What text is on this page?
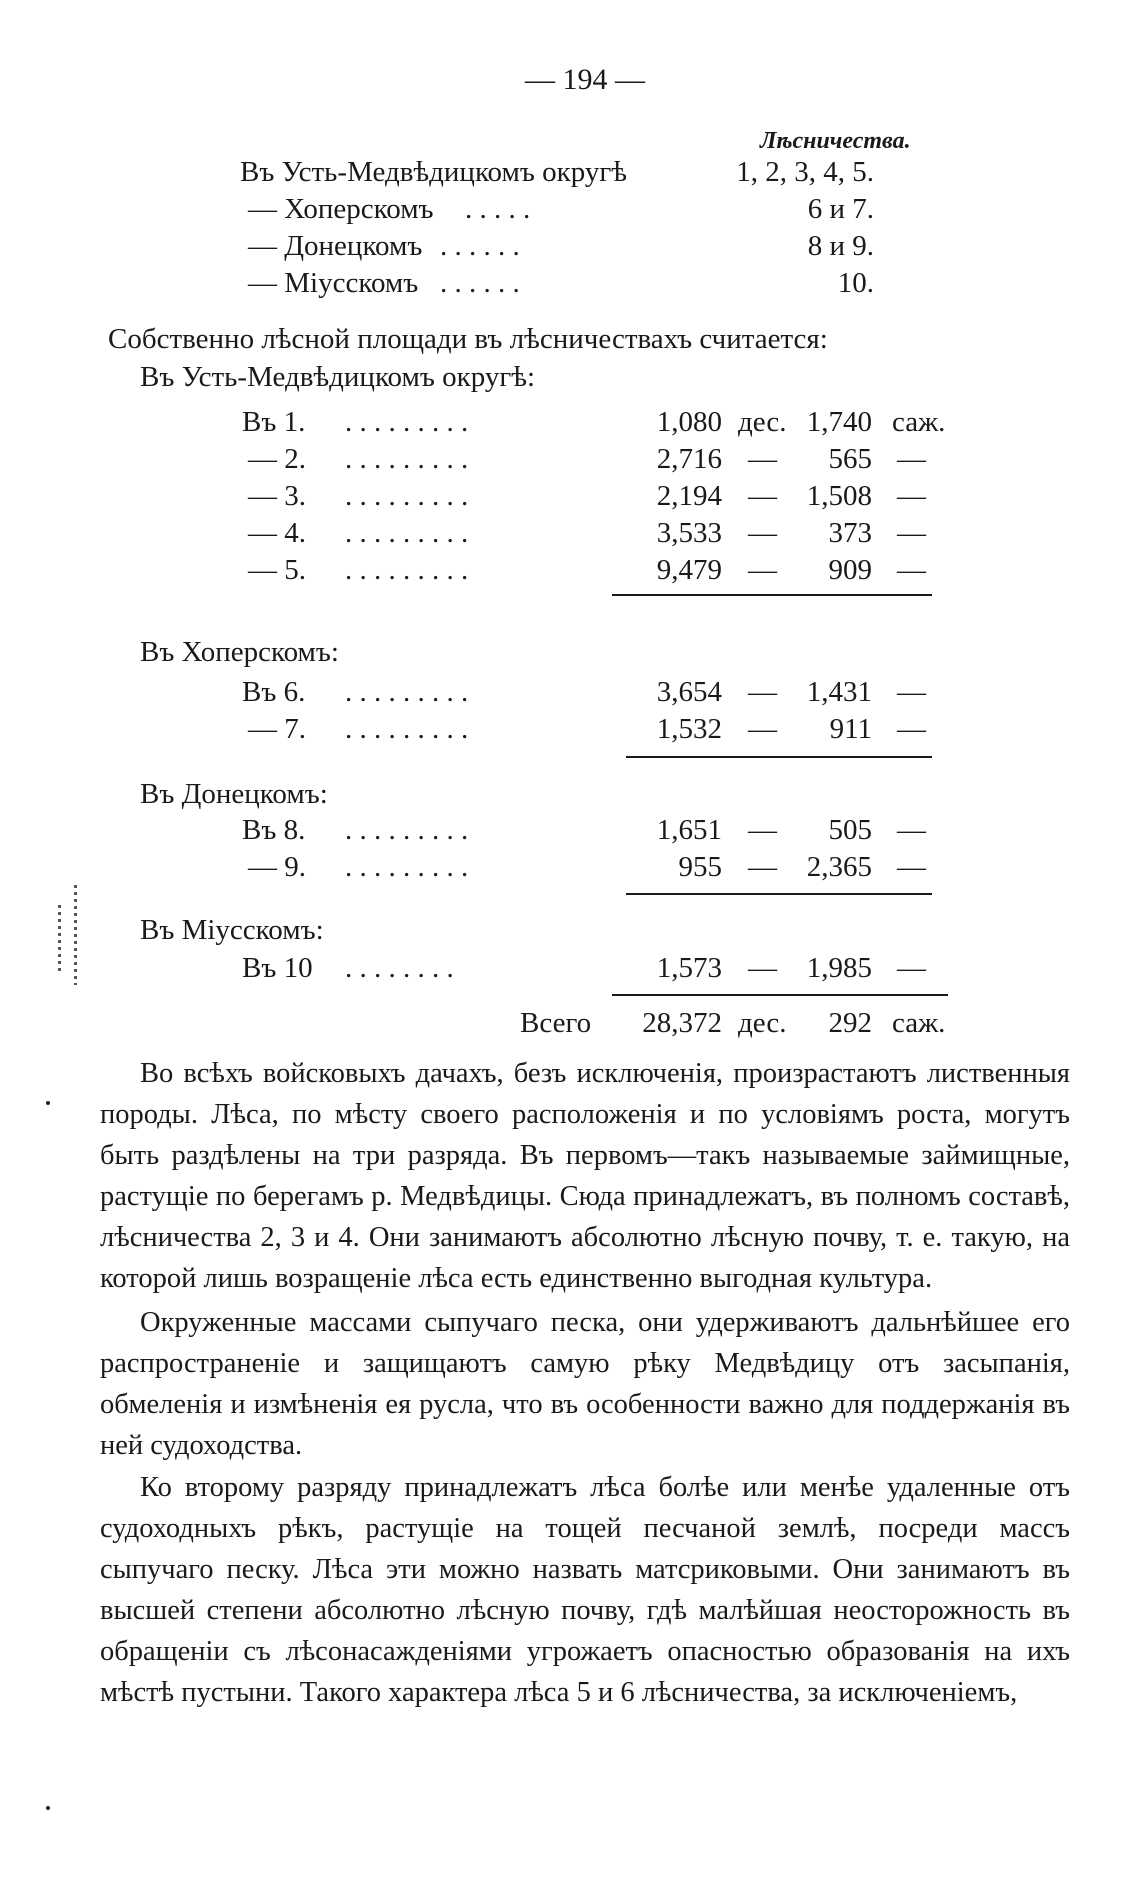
— 194 —
Лѣсничества.
Въ Усть-Медвѣдицкомъ округѣ	1, 2, 3, 4, 5.
— Хоперскомъ . . . . .	6 и 7.
— Донецкомъ . . . . . .	8 и 9.
— Міусскомъ . . . . . .	10.
Собственно лѣсной площади въ лѣсничествахъ считается:
Въ Усть-Медвѣдицкомъ округѣ:
Въ 1. . . . . . . . . .	1,080 дес. 1,740 саж.
— 2. . . . . . . . . .	2,716 — 565 —
— 3. . . . . . . . . .	2,194 — 1,508 —
— 4. . . . . . . . . .	3,533 — 373 —
— 5. . . . . . . . . .	9,479 — 909 —
Въ Хоперскомъ:
Въ 6. . . . . . . . . .	3,654 — 1,431 —
— 7. . . . . . . . . .	1,532 — 911 —
Въ Донецкомъ:
Въ 8. . . . . . . . . .	1,651 — 505 —
— 9. . . . . . . . . .	955 — 2,365 —
Въ Міусскомъ:
Въ 10 . . . . . . . .	1,573 — 1,985 —
Всего 28,372 дес. 292 саж.

Во всѣхъ войсковыхъ дачахъ, безъ исключенія, произрастаютъ лиственныя породы. Лѣса, по мѣсту своего расположенія и по условіямъ роста, могутъ быть раздѣлены на три разряда. Въ первомъ—такъ называемые займищные, растущіе по берегамъ р. Медвѣдицы. Сюда принадлежатъ, въ полномъ составѣ, лѣсничества 2, 3 и 4. Они занимаютъ абсолютно лѣсную почву, т. е. такую, на которой лишь возращеніе лѣса есть единственно выгодная культура.

Окруженные массами сыпучаго песка, они удерживаютъ дальнѣйшее его распространеніе и защищаютъ самую рѣку Медвѣдицу отъ засыпанія, обмеленія и измѣненія ея русла, что въ особенности важно для поддержанія въ ней судоходства.

Ко второму разряду принадлежатъ лѣса болѣе или менѣе удаленные отъ судоходныхъ рѣкъ, растущіе на тощей песчаной землѣ, посреди массъ сыпучаго песку. Лѣса эти можно назвать матсриковыми. Они занимаютъ въ высшей степени абсолютно лѣсную почву, гдѣ малѣйшая неосторожность въ обращеніи съ лѣсонасажденіями угрожаетъ опасностью образованія на ихъ мѣстѣ пустыни. Такого характера лѣса 5 и 6 лѣсничества, за исключеніемъ,
